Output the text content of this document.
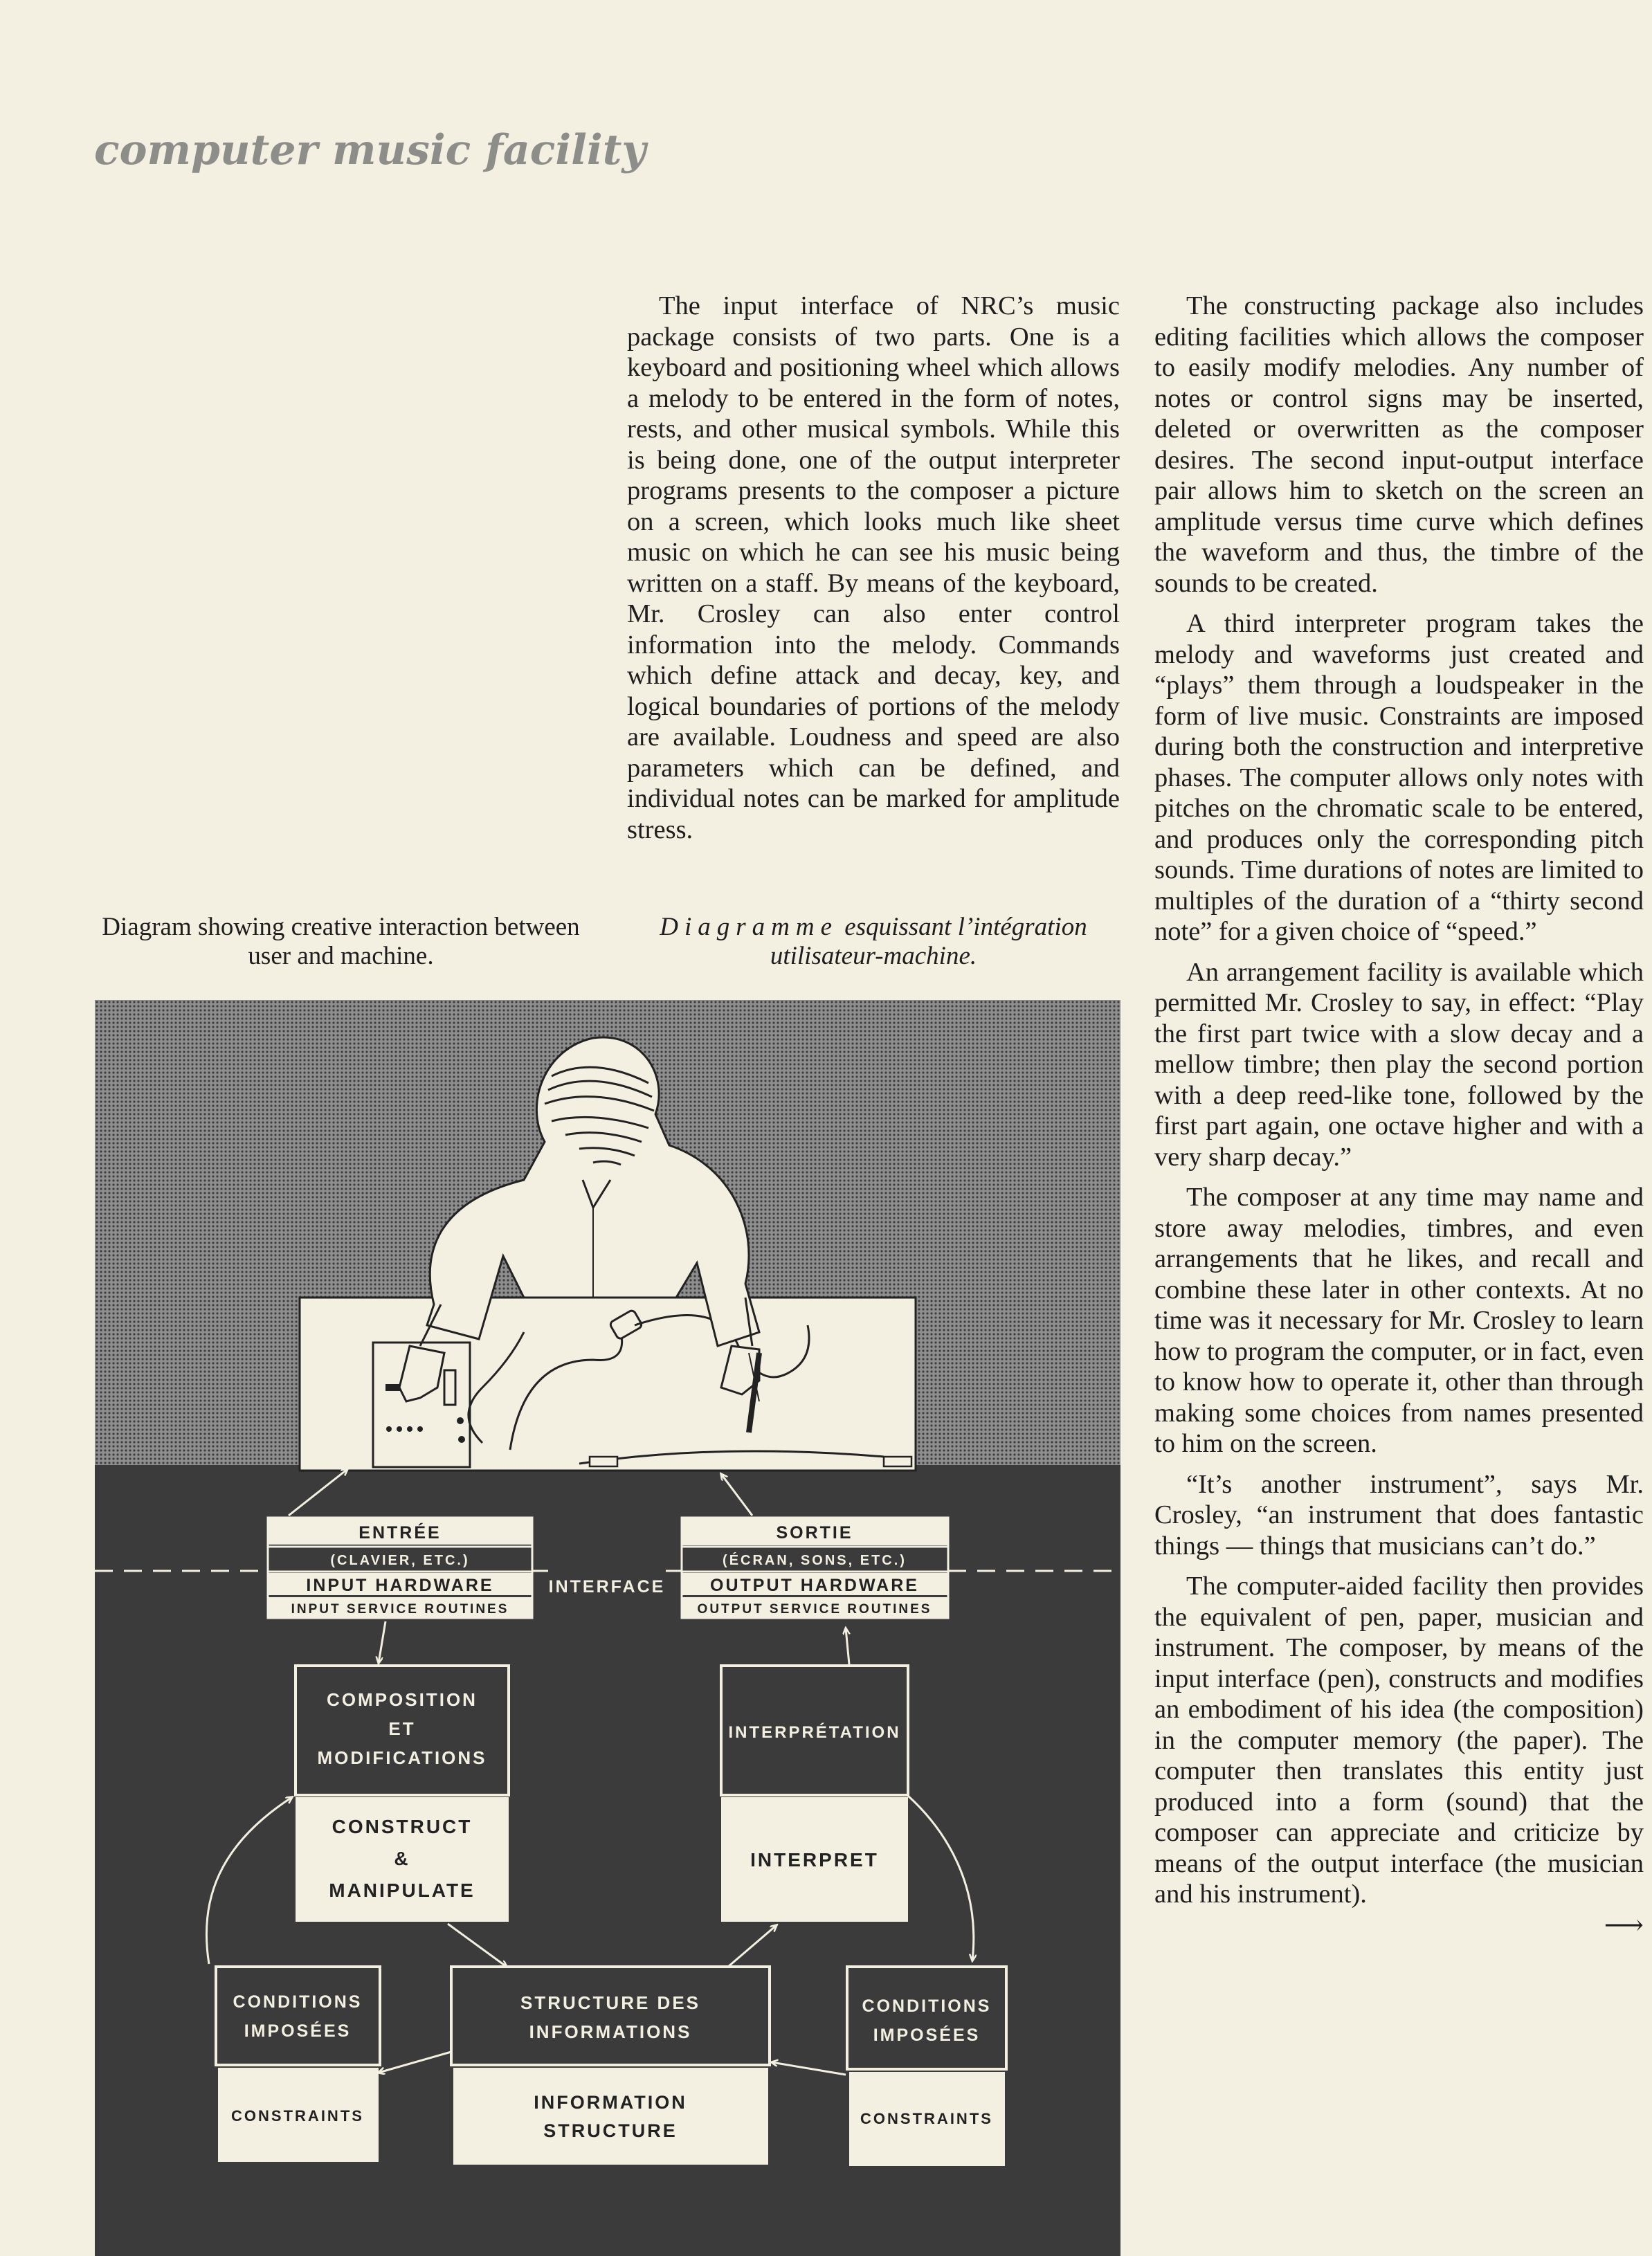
computer music facility

The input interface of NRC’s music package consists of two parts. One is a keyboard and positioning wheel which allows a melody to be entered in the form of notes, rests, and other musical symbols. While this is being done, one of the output interpreter programs presents to the composer a picture on a screen, which looks much like sheet music on which he can see his music being written on a staff. By means of the keyboard, Mr. Crosley can also enter control information into the melody. Commands which define attack and decay, key, and logical boundaries of portions of the melody are available. Loudness and speed are also parameters which can be defined, and individual notes can be marked for amplitude stress.

The constructing package also includes editing facilities which allows the composer to easily modify melodies. Any number of notes or control signs may be inserted, deleted or overwritten as the composer desires. The second input-output interface pair allows him to sketch on the screen an amplitude versus time curve which defines the waveform and thus, the timbre of the sounds to be created.

A third interpreter program takes the melody and waveforms just created and “plays” them through a loudspeaker in the form of live music. Constraints are imposed during both the construction and interpretive phases. The computer allows only notes with pitches on the chromatic scale to be entered, and produces only the corresponding pitch sounds. Time durations of notes are limited to multiples of the duration of a “thirty second note” for a given choice of “speed.”

An arrangement facility is available which permitted Mr. Crosley to say, in effect: “Play the first part twice with a slow decay and a mellow timbre; then play the second portion with a deep reed-like tone, followed by the first part again, one octave higher and with a very sharp decay.”

The composer at any time may name and store away melodies, timbres, and even arrangements that he likes, and recall and combine these later in other contexts. At no time was it necessary for Mr. Crosley to learn how to program the computer, or in fact, even to know how to operate it, other than through making some choices from names presented to him on the screen.

“It’s another instrument”, says Mr. Crosley, “an instrument that does fantastic things — things that musicians can’t do.”

The computer-aided facility then provides the equivalent of pen, paper, musician and instrument. The composer, by means of the input interface (pen), constructs and modifies an embodiment of his idea (the composition) in the computer memory (the paper). The computer then translates this entity just produced into a form (sound) that the composer can appreciate and criticize by means of the output interface (the musician and his instrument).

⟶
Diagram showing creative interaction between user and machine.
Diagramme esquissant l’intégration utilisateur-machine.
ENTRÉE
(CLAVIER, ETC.)
INPUT HARDWARE
INPUT SERVICE ROUTINES
SORTIE
(ÉCRAN, SONS, ETC.)
OUTPUT HARDWARE
OUTPUT SERVICE ROUTINES
INTERFACE
COMPOSITION
ET
MODIFICATIONS
CONSTRUCT
&
MANIPULATE
INTERPRÉTATION
INTERPRET
CONDITIONS
IMPOSÉES
CONSTRAINTS
STRUCTURE DES
INFORMATIONS
INFORMATION
STRUCTURE
CONDITIONS
IMPOSÉES
CONSTRAINTS
